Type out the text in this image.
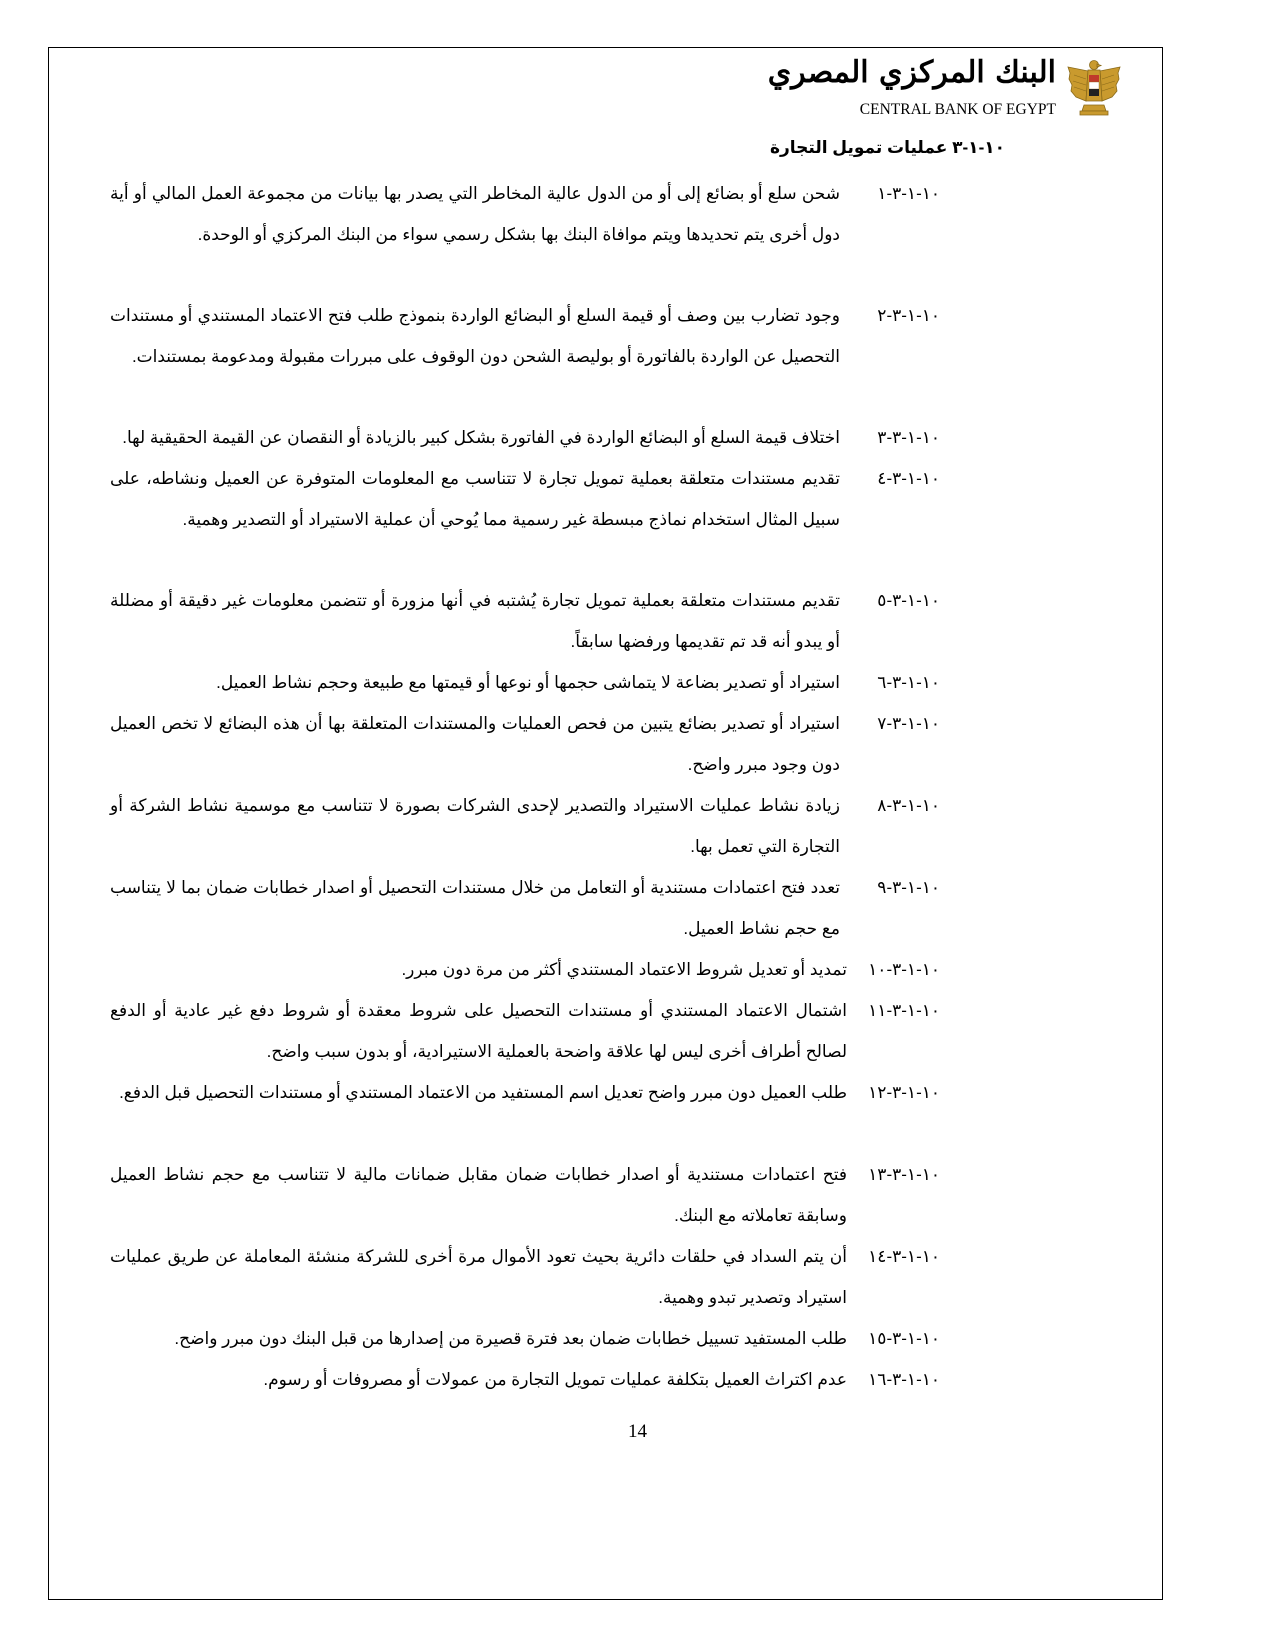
البنك المركزي المصري
CENTRAL BANK OF EGYPT
١٠-١-٣ عمليات تمويل التجارة
١٠-١-٣-١
شحن سلع أو بضائع إلى أو من الدول عالية المخاطر التي يصدر بها بيانات من مجموعة العمل المالي أو أية دول أخرى يتم تحديدها ويتم موافاة البنك بها بشكل رسمي سواء من البنك المركزي أو الوحدة.
١٠-١-٣-٢
وجود تضارب بين وصف أو قيمة السلع أو البضائع الواردة بنموذج طلب فتح الاعتماد المستندي أو مستندات التحصيل عن الواردة بالفاتورة أو بوليصة الشحن دون الوقوف على مبررات مقبولة ومدعومة بمستندات.
١٠-١-٣-٣
اختلاف قيمة السلع أو البضائع الواردة في الفاتورة بشكل كبير بالزيادة أو النقصان عن القيمة الحقيقية لها.
١٠-١-٣-٤
تقديم مستندات متعلقة بعملية تمويل تجارة لا تتناسب مع المعلومات المتوفرة عن العميل ونشاطه، على سبيل المثال استخدام نماذج مبسطة غير رسمية مما يُوحي أن عملية الاستيراد أو التصدير وهمية.
١٠-١-٣-٥
تقديم مستندات متعلقة بعملية تمويل تجارة يُشتبه في أنها مزورة أو تتضمن معلومات غير دقيقة أو مضللة أو يبدو أنه قد تم تقديمها ورفضها سابقاً.
١٠-١-٣-٦
استيراد أو تصدير بضاعة لا يتماشى حجمها أو نوعها أو قيمتها مع طبيعة وحجم نشاط العميل.
١٠-١-٣-٧
استيراد أو تصدير بضائع يتبين من فحص العمليات والمستندات المتعلقة بها أن هذه البضائع لا تخص العميل دون وجود مبرر واضح.
١٠-١-٣-٨
زيادة نشاط عمليات الاستيراد والتصدير لإحدى الشركات بصورة لا تتناسب مع موسمية نشاط الشركة أو التجارة التي تعمل بها.
١٠-١-٣-٩
تعدد فتح اعتمادات مستندية أو التعامل من خلال مستندات التحصيل أو اصدار خطابات ضمان بما لا يتناسب مع حجم نشاط العميل.
١٠-١-٣-١٠
تمديد أو تعديل شروط الاعتماد المستندي أكثر من مرة دون مبرر.
١٠-١-٣-١١
اشتمال الاعتماد المستندي أو مستندات التحصيل على شروط معقدة أو شروط دفع غير عادية أو الدفع لصالح أطراف أخرى ليس لها علاقة واضحة بالعملية الاستيرادية، أو بدون سبب واضح.
١٠-١-٣-١٢
طلب العميل دون مبرر واضح تعديل اسم المستفيد من الاعتماد المستندي أو مستندات التحصيل قبل الدفع.
١٠-١-٣-١٣
فتح اعتمادات مستندية أو اصدار خطابات ضمان مقابل ضمانات مالية لا تتناسب مع حجم نشاط العميل وسابقة تعاملاته مع البنك.
١٠-١-٣-١٤
أن يتم السداد في حلقات دائرية بحيث تعود الأموال مرة أخرى للشركة منشئة المعاملة عن طريق عمليات استيراد وتصدير تبدو وهمية.
١٠-١-٣-١٥
طلب المستفيد تسييل خطابات ضمان بعد فترة قصيرة من إصدارها من قبل البنك دون مبرر واضح.
١٠-١-٣-١٦
عدم اكتراث العميل بتكلفة عمليات تمويل التجارة من عمولات أو مصروفات أو رسوم.
14
